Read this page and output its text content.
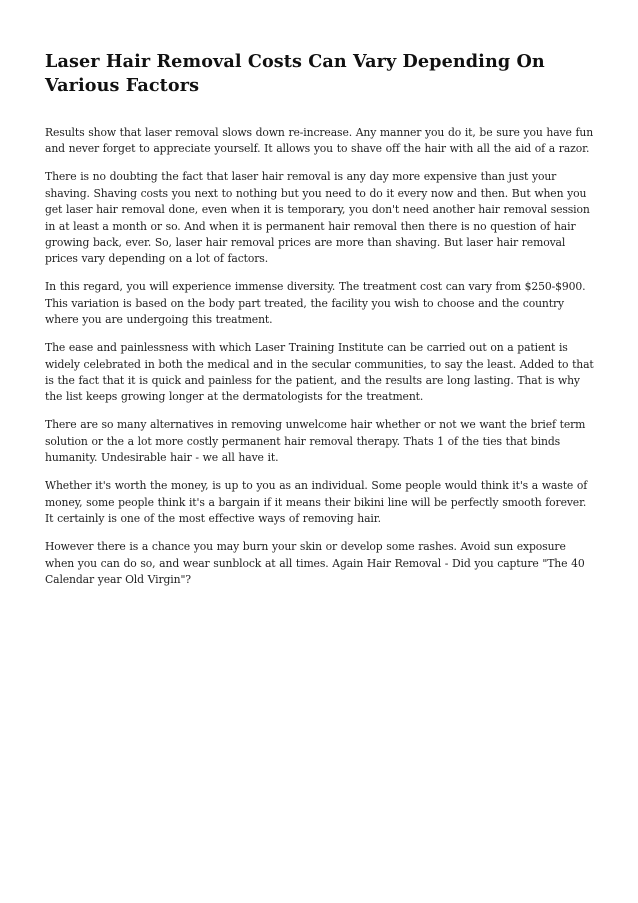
Laser Hair Removal Costs Can Vary Depending On Various Factors

Results show that laser removal slows down re-increase. Any manner you do it, be sure you have fun and never forget to appreciate yourself. It allows you to shave off the hair with all the aid of a razor.

There is no doubting the fact that laser hair removal is any day more expensive than just your shaving. Shaving costs you next to nothing but you need to do it every now and then. But when you get laser hair removal done, even when it is temporary, you don't need another hair removal session in at least a month or so. And when it is permanent hair removal then there is no question of hair growing back, ever. So, laser hair removal prices are more than shaving. But laser hair removal prices vary depending on a lot of factors.

In this regard, you will experience immense diversity. The treatment cost can vary from $250-$900. This variation is based on the body part treated, the facility you wish to choose and the country where you are undergoing this treatment.

The ease and painlessness with which Laser Training Institute can be carried out on a patient is widely celebrated in both the medical and in the secular communities, to say the least. Added to that is the fact that it is quick and painless for the patient, and the results are long lasting. That is why the list keeps growing longer at the dermatologists for the treatment.

There are so many alternatives in removing unwelcome hair whether or not we want the brief term solution or the a lot more costly permanent hair removal therapy. Thats 1 of the ties that binds humanity. Undesirable hair - we all have it.

Whether it's worth the money, is up to you as an individual. Some people would think it's a waste of money, some people think it's a bargain if it means their bikini line will be perfectly smooth forever. It certainly is one of the most effective ways of removing hair.

However there is a chance you may burn your skin or develop some rashes. Avoid sun exposure when you can do so, and wear sunblock at all times. Again Hair Removal - Did you capture "The 40 Calendar year Old Virgin"?
